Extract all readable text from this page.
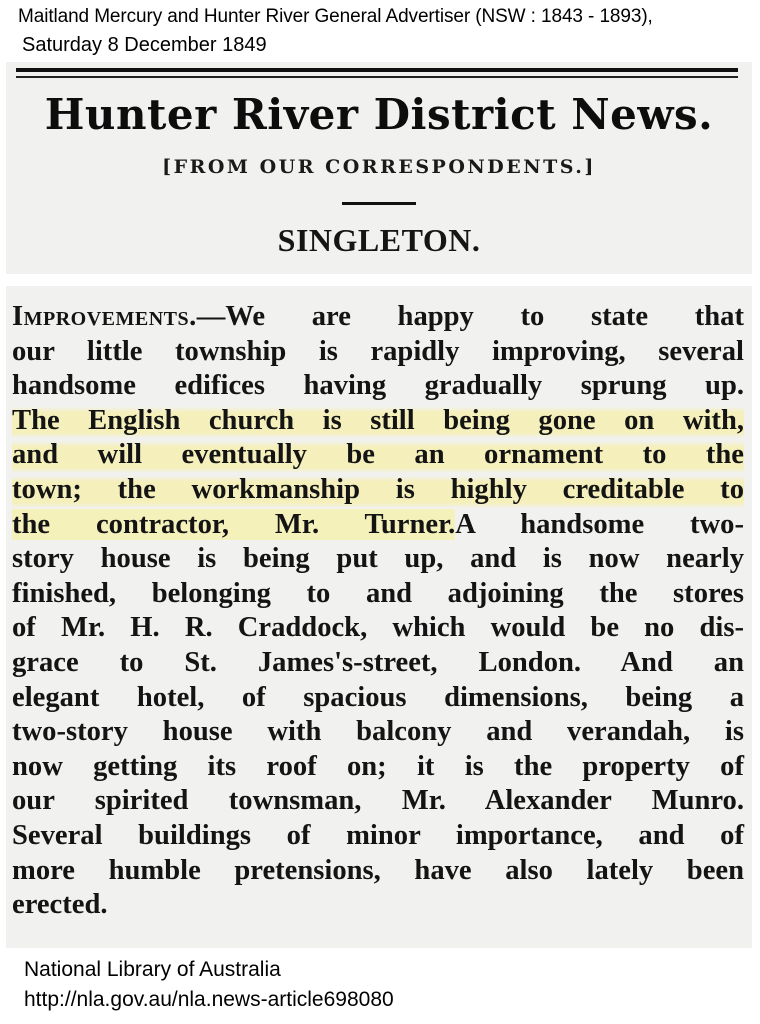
Maitland Mercury and Hunter River General Advertiser (NSW : 1843 - 1893),
Saturday 8 December 1849
Hunter River District News.
[FROM OUR CORRESPONDENTS.]
SINGLETON.
Improvements.—We are happy to state that
our little township is rapidly improving, several
handsome edifices having gradually sprung up.
The English church is still being gone on with,
and will eventually be an ornament to the
town; the workmanship is highly creditable to
the contractor, Mr. Turner.A handsome two-
story house is being put up, and is now nearly
finished, belonging to and adjoining the stores
of Mr. H. R. Craddock, which would be no dis-
grace to St. James's-street, London. And an
elegant hotel, of spacious dimensions, being a
two-story house with balcony and verandah, is
now getting its roof on; it is the property of
our spirited townsman, Mr. Alexander Munro.
Several buildings of minor importance, and of
more humble pretensions, have also lately been
erected.
National Library of Australia
http://nla.gov.au/nla.news-article698080
